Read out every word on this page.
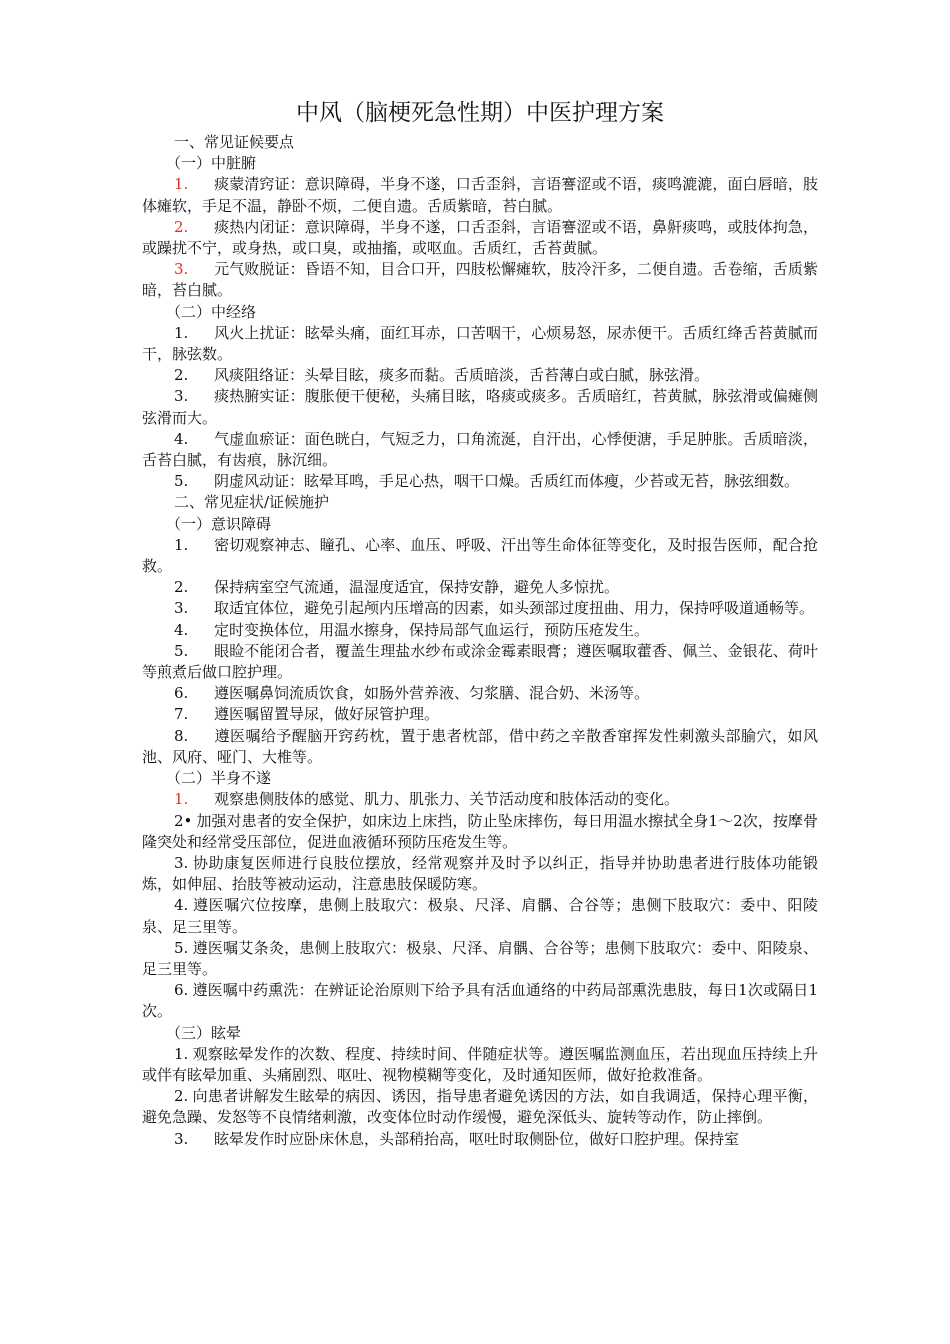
中风（脑梗死急性期）中医护理方案

一、常见证候要点

（一）中脏腑

1. 痰蒙清窍证：意识障碍，半身不遂，口舌歪斜，言语謇涩或不语，痰鸣漉漉，面白唇暗，肢体瘫软，手足不温，静卧不烦，二便自遗。舌质紫暗，苔白腻。

2. 痰热内闭证：意识障碍，半身不遂，口舌歪斜，言语謇涩或不语，鼻鼾痰鸣，或肢体拘急，或躁扰不宁，或身热，或口臭，或抽搐，或呕血。舌质红，舌苔黄腻。

3. 元气败脱证：昏语不知，目合口开，四肢松懈瘫软，肢冷汗多，二便自遗。舌卷缩，舌质紫暗，苔白腻。

（二）中经络

1. 风火上扰证：眩晕头痛，面红耳赤，口苦咽干，心烦易怒，尿赤便干。舌质红绛舌苔黄腻而干，脉弦数。

2. 风痰阻络证：头晕目眩，痰多而黏。舌质暗淡，舌苔薄白或白腻，脉弦滑。

3. 痰热腑实证：腹胀便干便秘，头痛目眩，咯痰或痰多。舌质暗红，苔黄腻，脉弦滑或偏瘫侧弦滑而大。

4. 气虚血瘀证：面色晄白，气短乏力，口角流涎，自汗出，心悸便溏，手足肿胀。舌质暗淡，舌苔白腻，有齿痕，脉沉细。

5. 阴虚风动证：眩晕耳鸣，手足心热，咽干口燥。舌质红而体瘦，少苔或无苔，脉弦细数。

二、常见症状/证候施护

（一）意识障碍

1. 密切观察神志、瞳孔、心率、血压、呼吸、汗出等生命体征等变化，及时报告医师，配合抢救。

2. 保持病室空气流通，温湿度适宜，保持安静，避免人多惊扰。

3. 取适宜体位，避免引起颅内压增高的因素，如头颈部过度扭曲、用力，保持呼吸道通畅等。

4. 定时变换体位，用温水擦身，保持局部气血运行，预防压疮发生。

5. 眼睑不能闭合者，覆盖生理盐水纱布或涂金霉素眼膏；遵医嘱取藿香、佩兰、金银花、荷叶等煎煮后做口腔护理。

6. 遵医嘱鼻饲流质饮食，如肠外营养液、匀浆膳、混合奶、米汤等。

7. 遵医嘱留置导尿，做好尿管护理。

8. 遵医嘱给予醒脑开窍药枕，置于患者枕部，借中药之辛散香窜挥发性刺激头部腧穴，如风池、风府、哑门、大椎等。

（二）半身不遂

1. 观察患侧肢体的感觉、肌力、肌张力、关节活动度和肢体活动的变化。

2• 加强对患者的安全保护，如床边上床挡，防止坠床摔伤，每日用温水擦拭全身1～2次，按摩骨隆突处和经常受压部位，促进血液循环预防压疮发生等。

3. 协助康复医师进行良肢位摆放，经常观察并及时予以纠正，指导并协助患者进行肢体功能锻炼，如伸屈、抬肢等被动运动，注意患肢保暖防寒。

4. 遵医嘱穴位按摩，患侧上肢取穴：极泉、尺泽、肩髃、合谷等；患侧下肢取穴：委中、阳陵泉、足三里等。

5. 遵医嘱艾条灸，患侧上肢取穴：极泉、尺泽、肩髃、合谷等；患侧下肢取穴：委中、阳陵泉、足三里等。

6. 遵医嘱中药熏洗：在辨证论治原则下给予具有活血通络的中药局部熏洗患肢，每日1次或隔日1次。

（三）眩晕

1. 观察眩晕发作的次数、程度、持续时间、伴随症状等。遵医嘱监测血压，若出现血压持续上升或伴有眩晕加重、头痛剧烈、呕吐、视物模糊等变化，及时通知医师，做好抢救准备。

2. 向患者讲解发生眩晕的病因、诱因，指导患者避免诱因的方法，如自我调适，保持心理平衡，避免急躁、发怒等不良情绪刺激，改变体位时动作缓慢，避免深低头、旋转等动作，防止摔倒。

3. 眩晕发作时应卧床休息，头部稍抬高，呕吐时取侧卧位，做好口腔护理。保持室
